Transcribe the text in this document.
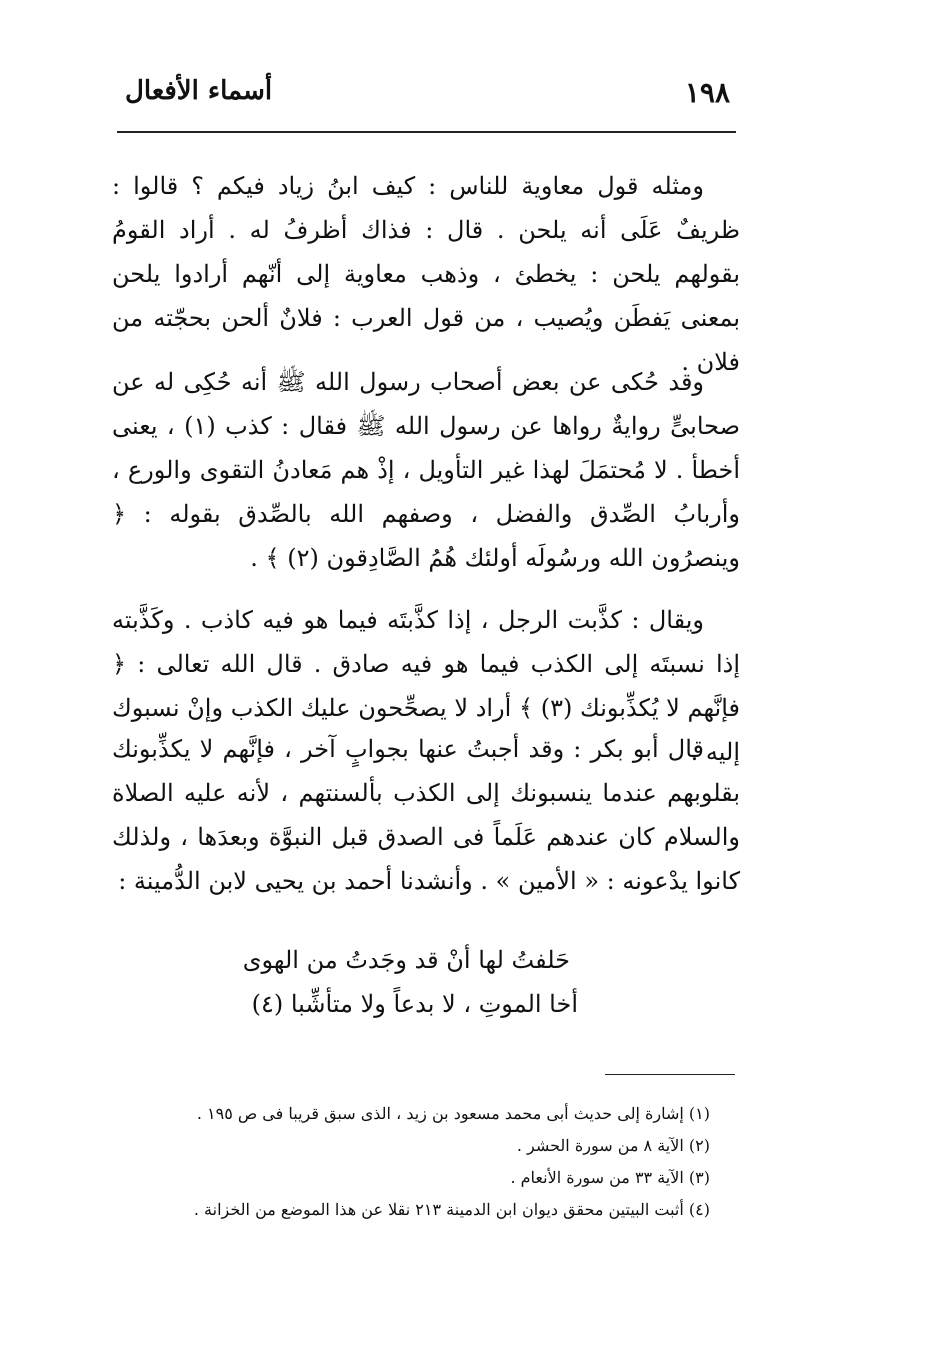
١٩٨
أسماء الأفعال

ومثله قول معاوية للناس : كيف ابنُ زياد فيكم ؟ قالوا : ظريفٌ عَلَى أنه يلحن . قال : فذاك أظرفُ له . أراد القومُ بقولهم يلحن : يخطئ ، وذهب معاوية إلى أنّهم أرادوا يلحن بمعنى يَفطَن ويُصيب ، من قول العرب : فلانٌ ألحن بحجّته من فلان .

وقد حُكى عن بعض أصحاب رسول الله ﷺ أنه حُكِى له عن صحابىٍّ روايةٌ رواها عن رسول الله ﷺ فقال : كذب (١) ، يعنى أخطأ . لا مُحتمَلَ لهذا غير التأويل ، إذْ هم مَعادنُ التقوى والورع ، وأربابُ الصِّدق والفضل ، وصفهم الله بالصِّدق بقوله : ﴿ وينصرُون الله ورسُولَه أولئك هُمُ الصَّادِقون (٢) ﴾ .

ويقال : كذَّبت الرجل ، إذا كذَّبتَه فيما هو فيه كاذب . وكَذَّبته إذا نسبتَه إلى الكذب فيما هو فيه صادق . قال الله تعالى : ﴿ فإنَّهم لا يُكذِّبونك (٣) ﴾ أراد لا يصحِّحون عليك الكذب وإنْ نسبوك إليه .

قال أبو بكر : وقد أجبتُ عنها بجوابٍ آخر ، فإنَّهم لا يكذِّبونك بقلوبهم عندما ينسبونك إلى الكذب بألسنتهم ، لأنه عليه الصلاة والسلام كان عندهم عَلَماً فى الصدق قبل النبوَّة وبعدَها ، ولذلك كانوا يدْعونه : « الأمين » . وأنشدنا أحمد بن يحيى لابن الدُّمينة :

حَلفتُ لها أنْ قد وجَدتُ من الهوى
أخا الموتِ ، لا بدعاً ولا متأشِّبا (٤)

(١) إشارة إلى حديث أبى محمد مسعود بن زيد ، الذى سبق قريبا فى ص ١٩٥ .

(٢) الآية ٨ من سورة الحشر .

(٣) الآية ٣٣ من سورة الأنعام .

(٤) أثبت البيتين محقق ديوان ابن الدمينة ٢١٣ نقلا عن هذا الموضع من الخزانة .
